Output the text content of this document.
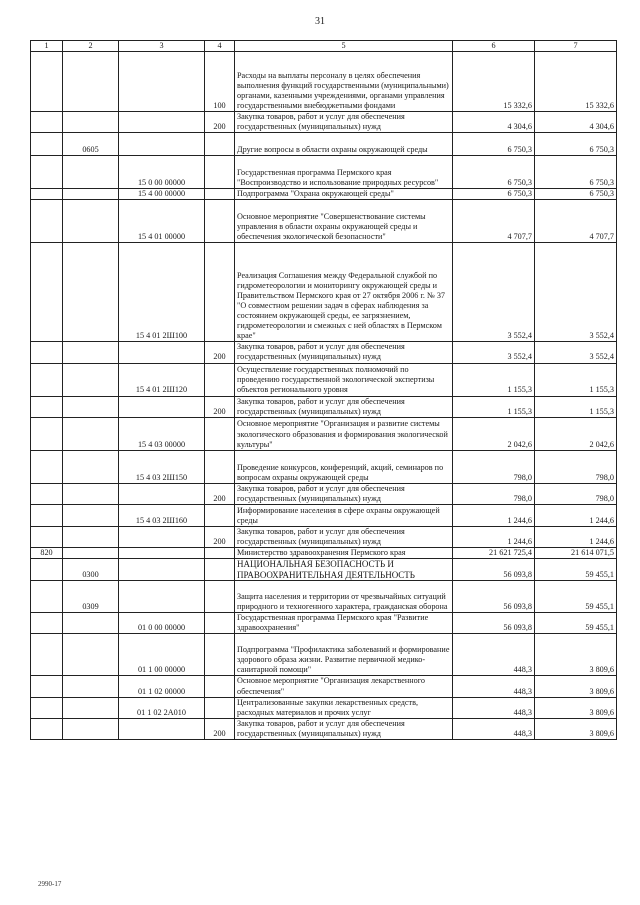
31
1	2	3	4	5	6	7
			100	Расходы на выплаты персоналу в целях обеспечения выполнения функций государственными (муниципальными) органами, казенными учреждениями, органами управления государственными внебюджетными фондами	15 332,6	15 332,6
			200	Закупка товаров, работ и услуг для обеспечения государственных (муниципальных) нужд	4 304,6	4 304,6
	0605			Другие вопросы в области охраны окружающей среды	6 750,3	6 750,3
		15 0 00 00000		Государственная программа Пермского края "Воспроизводство и использование природных ресурсов"	6 750,3	6 750,3
		15 4 00 00000		Подпрограмма "Охрана окружающей среды"	6 750,3	6 750,3
		15 4 01 00000		Основное мероприятие "Совершенствование системы управления в области охраны окружающей среды и обеспечения экологической безопасности"	4 707,7	4 707,7
		15 4 01 2Ш100		Реализация Соглашения между Федеральной службой по гидрометеорологии и мониторингу окружающей среды и Правительством Пермского края от 27 октября 2006 г. № 37 "О совместном решении задач в сферах наблюдения за состоянием окружающей среды, ее загрязнением, гидрометеорологии и смежных с ней областях в Пермском крае"	3 552,4	3 552,4
			200	Закупка товаров, работ и услуг для обеспечения государственных (муниципальных) нужд	3 552,4	3 552,4
		15 4 01 2Ш120		Осуществление государственных полномочий по проведению государственной экологической экспертизы объектов регионального уровня	1 155,3	1 155,3
			200	Закупка товаров, работ и услуг для обеспечения государственных (муниципальных) нужд	1 155,3	1 155,3
		15 4 03 00000		Основное мероприятие "Организация и развитие системы экологического образования и формирования экологической культуры"	2 042,6	2 042,6
		15 4 03 2Ш150		Проведение конкурсов, конференций, акций, семинаров по вопросам охраны окружающей среды	798,0	798,0
			200	Закупка товаров, работ и услуг для обеспечения государственных (муниципальных) нужд	798,0	798,0
		15 4 03 2Ш160		Информирование населения в сфере охраны окружающей среды	1 244,6	1 244,6
			200	Закупка товаров, работ и услуг для обеспечения государственных (муниципальных) нужд	1 244,6	1 244,6
820				Министерство здравоохранения Пермского края	21 621 725,4	21 614 071,5
	0300			НАЦИОНАЛЬНАЯ БЕЗОПАСНОСТЬ И ПРАВООХРАНИТЕЛЬНАЯ ДЕЯТЕЛЬНОСТЬ	56 093,8	59 455,1
	0309			Защита населения и территории от чрезвычайных ситуаций природного и техногенного характера, гражданская оборона	56 093,8	59 455,1
		01 0 00 00000		Государственная программа Пермского края "Развитие здравоохранения"	56 093,8	59 455,1
		01 1 00 00000		Подпрограмма "Профилактика заболеваний и формирование здорового образа жизни. Развитие первичной медико-санитарной помощи"	448,3	3 809,6
		01 1 02 00000		Основное мероприятие "Организация лекарственного обеспечения"	448,3	3 809,6
		01 1 02 2А010		Централизованные закупки лекарственных средств, расходных материалов и прочих услуг	448,3	3 809,6
			200	Закупка товаров, работ и услуг для обеспечения государственных (муниципальных) нужд	448,3	3 809,6
2990-17
